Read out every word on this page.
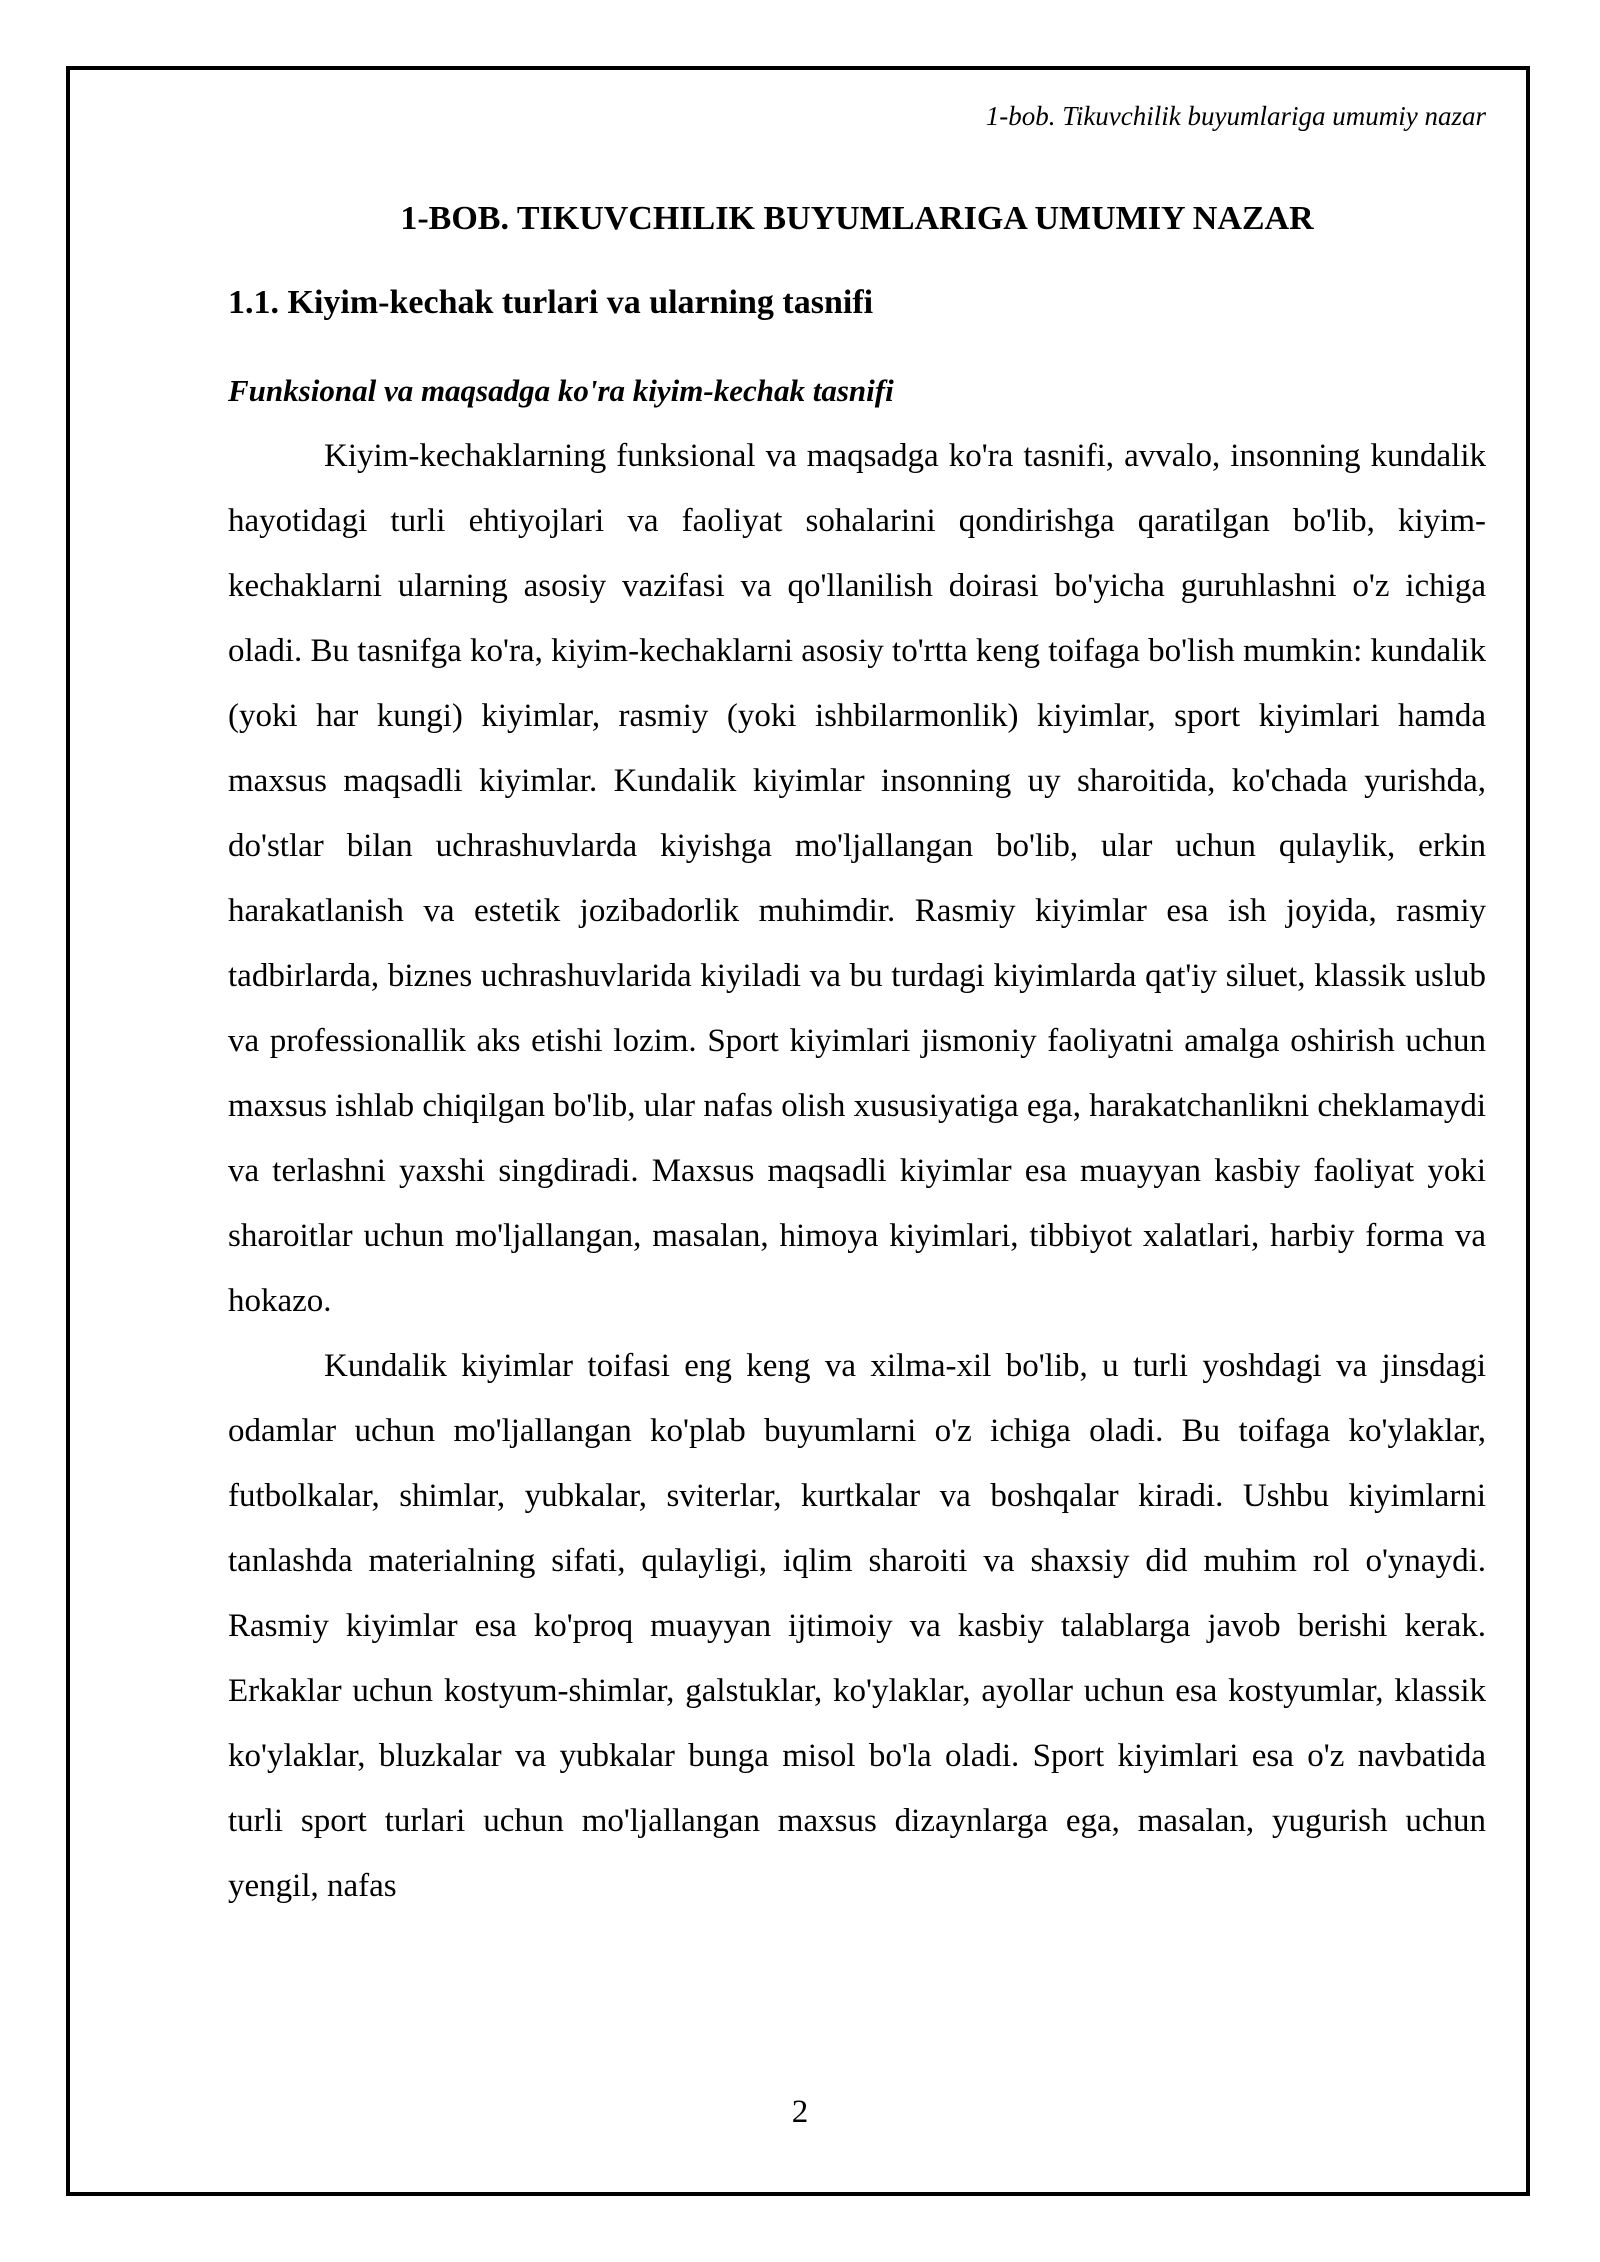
1-bob. Tikuvchilik buyumlariga umumiy nazar

1-BOB. TIKUVCHILIK BUYUMLARIGA UMUMIY NAZAR
1.1. Kiyim-kechak turlari va ularning tasnifi
Funksional va maqsadga ko'ra kiyim-kechak tasnifi

Kiyim-kechaklarning funksional va maqsadga ko'ra tasnifi, avvalo, insonning kundalik hayotidagi turli ehtiyojlari va faoliyat sohalarini qondirishga qaratilgan bo'lib, kiyim-kechaklarni ularning asosiy vazifasi va qo'llanilish doirasi bo'yicha guruhlashni o'z ichiga oladi. Bu tasnifga ko'ra, kiyim-kechaklarni asosiy to'rtta keng toifaga bo'lish mumkin: kundalik (yoki har kungi) kiyimlar, rasmiy (yoki ishbilarmonlik) kiyimlar, sport kiyimlari hamda maxsus maqsadli kiyimlar. Kundalik kiyimlar insonning uy sharoitida, ko'chada yurishda, do'stlar bilan uchrashuvlarda kiyishga mo'ljallangan bo'lib, ular uchun qulaylik, erkin harakatlanish va estetik jozibadorlik muhimdir. Rasmiy kiyimlar esa ish joyida, rasmiy tadbirlarda, biznes uchrashuvlarida kiyiladi va bu turdagi kiyimlarda qat'iy siluet, klassik uslub va professionallik aks etishi lozim. Sport kiyimlari jismoniy faoliyatni amalga oshirish uchun maxsus ishlab chiqilgan bo'lib, ular nafas olish xususiyatiga ega, harakatchanlikni cheklamaydi va terlashni yaxshi singdiradi. Maxsus maqsadli kiyimlar esa muayyan kasbiy faoliyat yoki sharoitlar uchun mo'ljallangan, masalan, himoya kiyimlari, tibbiyot xalatlari, harbiy forma va hokazo.

Kundalik kiyimlar toifasi eng keng va xilma-xil bo'lib, u turli yoshdagi va jinsdagi odamlar uchun mo'ljallangan ko'plab buyumlarni o'z ichiga oladi. Bu toifaga ko'ylaklar, futbolkalar, shimlar, yubkalar, sviterlar, kurtkalar va boshqalar kiradi. Ushbu kiyimlarni tanlashda materialning sifati, qulayligi, iqlim sharoiti va shaxsiy did muhim rol o'ynaydi. Rasmiy kiyimlar esa ko'proq muayyan ijtimoiy va kasbiy talablarga javob berishi kerak. Erkaklar uchun kostyum-shimlar, galstuklar, ko'ylaklar, ayollar uchun esa kostyumlar, klassik ko'ylaklar, bluzkalar va yubkalar bunga misol bo'la oladi. Sport kiyimlari esa o'z navbatida turli sport turlari uchun mo'ljallangan maxsus dizaynlarga ega, masalan, yugurish uchun yengil, nafas

2
